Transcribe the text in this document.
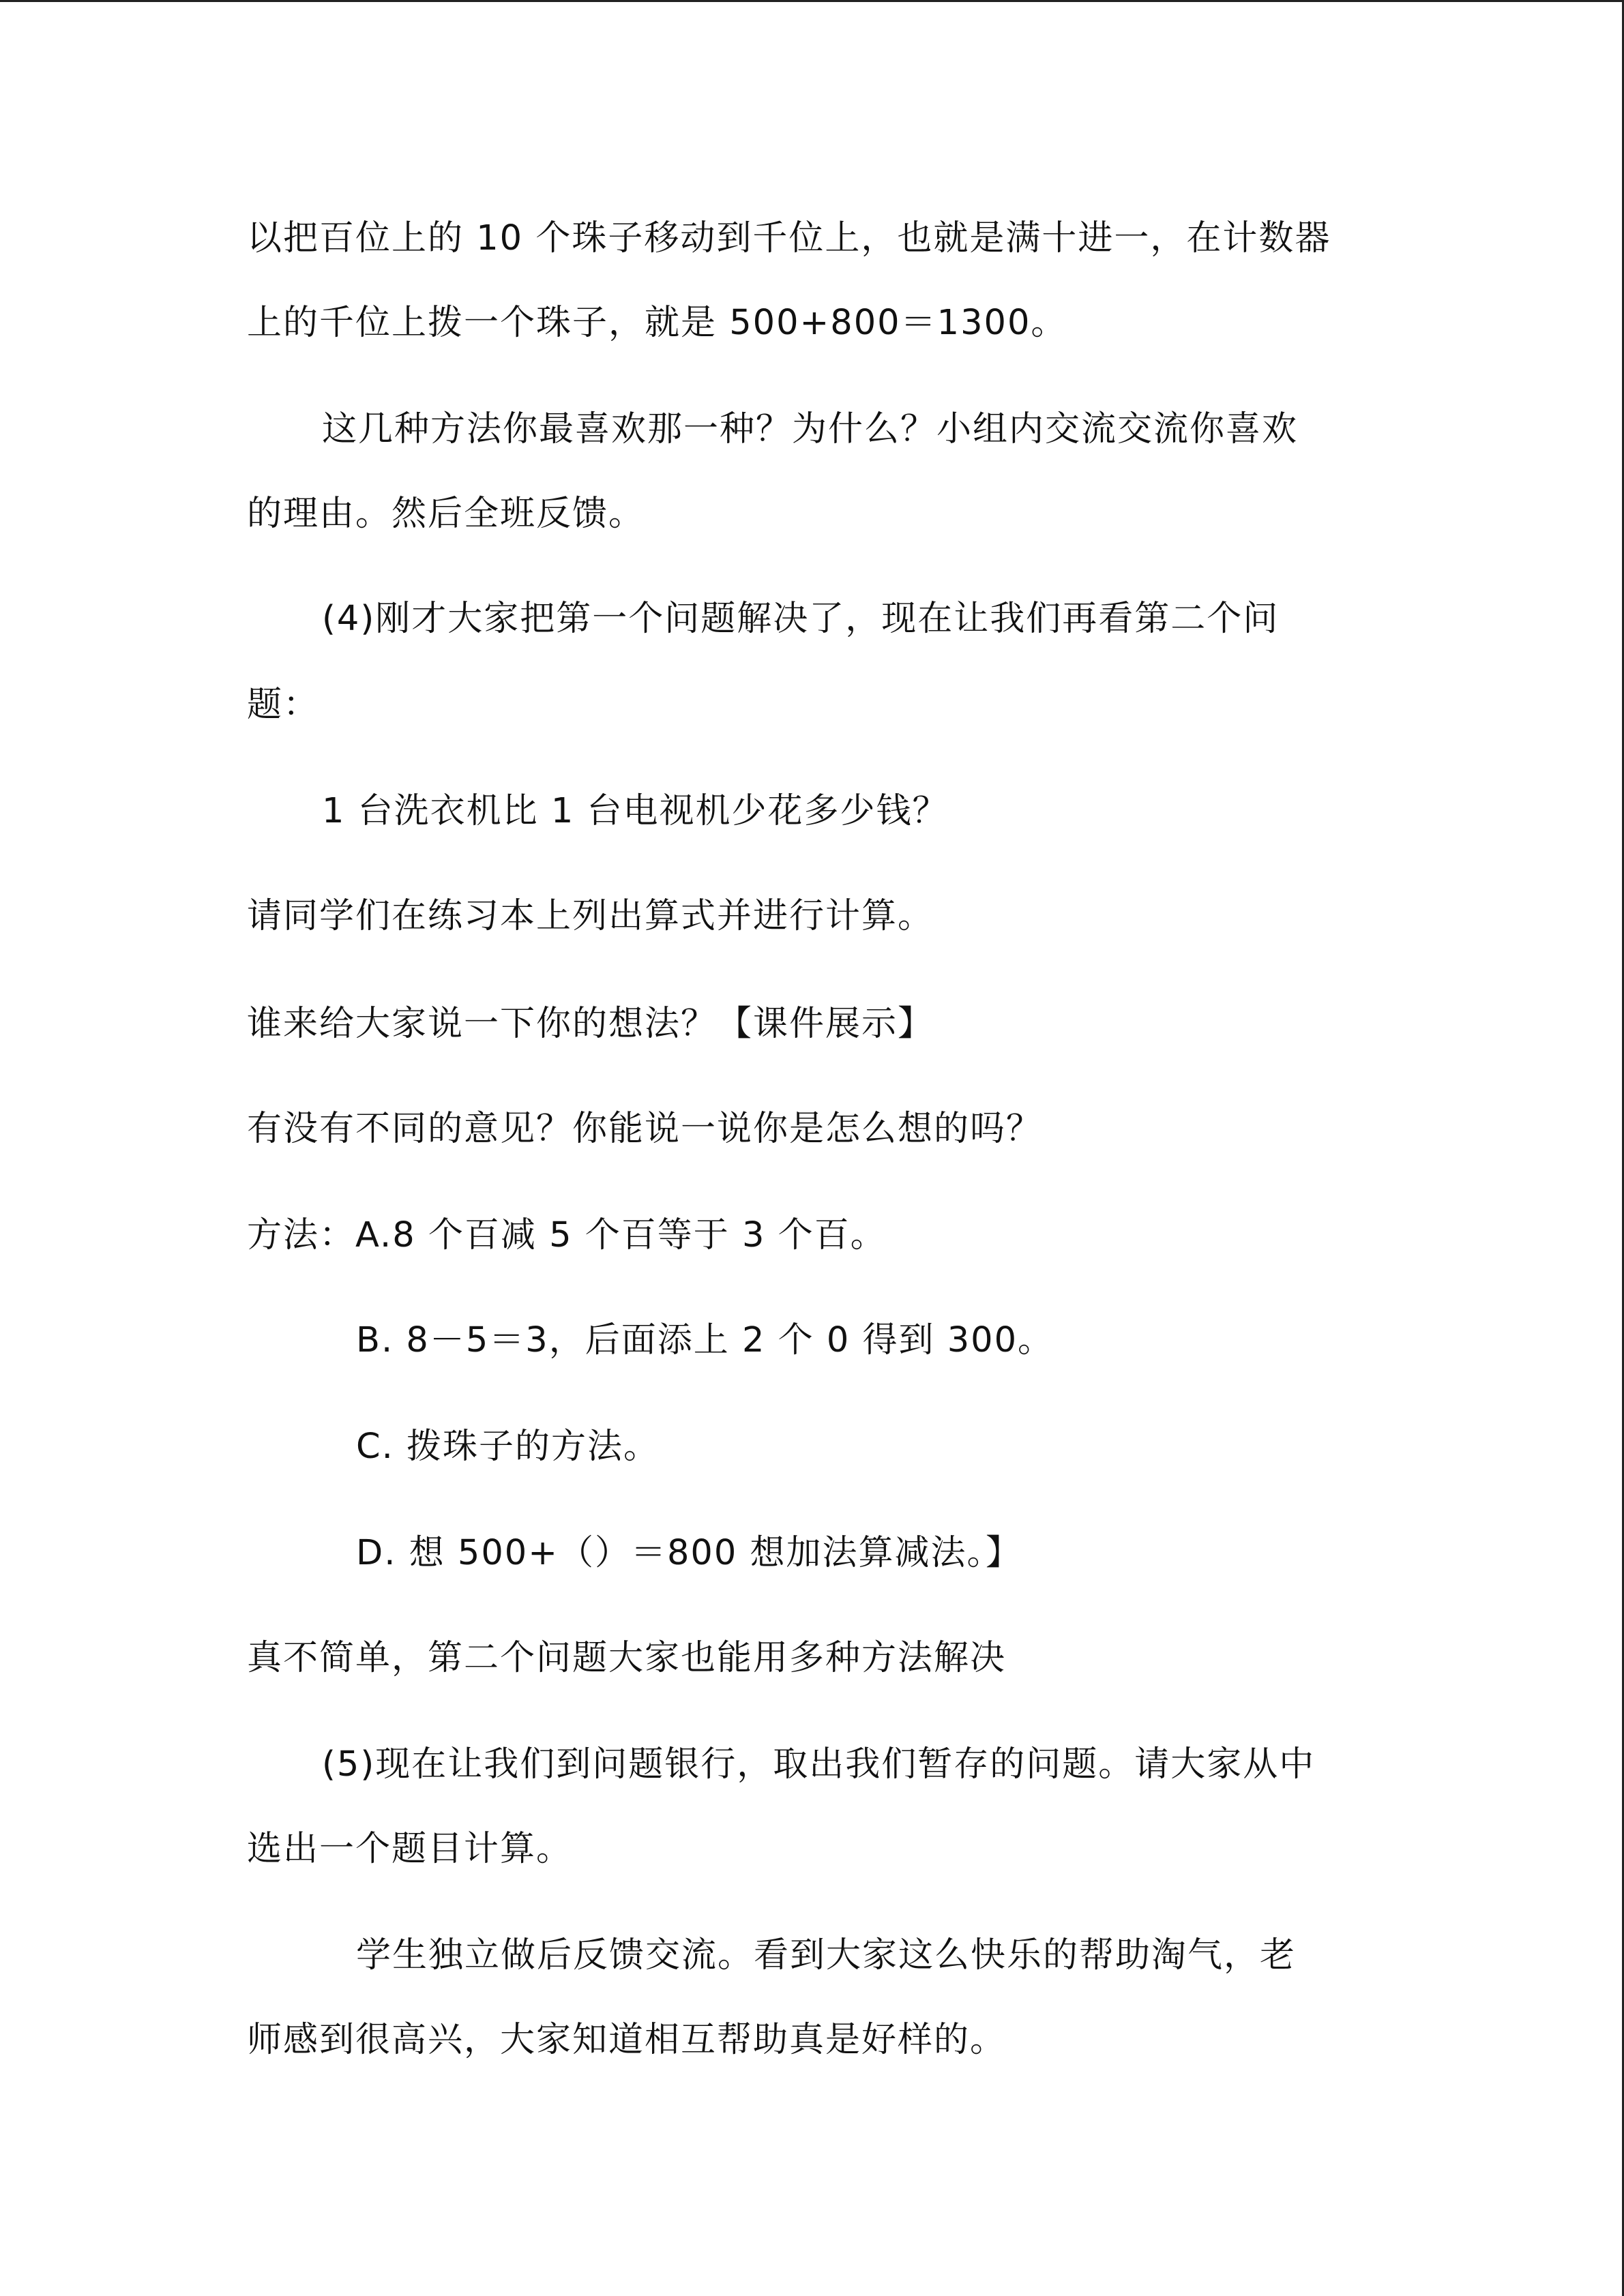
以把百位上的 10 个珠子移动到千位上，也就是满十进一，在计数器
上的千位上拨一个珠子，就是 500+800＝1300。
这几种方法你最喜欢那一种？为什么？小组内交流交流你喜欢
的理由。然后全班反馈。
(4)刚才大家把第一个问题解决了，现在让我们再看第二个问
题：
1 台洗衣机比 1 台电视机少花多少钱？
请同学们在练习本上列出算式并进行计算。
谁来给大家说一下你的想法？【课件展示】
有没有不同的意见？你能说一说你是怎么想的吗？
方法：A.8 个百减 5 个百等于 3 个百。
B. 8－5＝3，后面添上 2 个 0 得到 300。
C. 拨珠子的方法。
D. 想 500+（）＝800 想加法算减法。】
真不简单，第二个问题大家也能用多种方法解决
(5)现在让我们到问题银行，取出我们暂存的问题。请大家从中
选出一个题目计算。
学生独立做后反馈交流。看到大家这么快乐的帮助淘气，老
师感到很高兴，大家知道相互帮助真是好样的。
